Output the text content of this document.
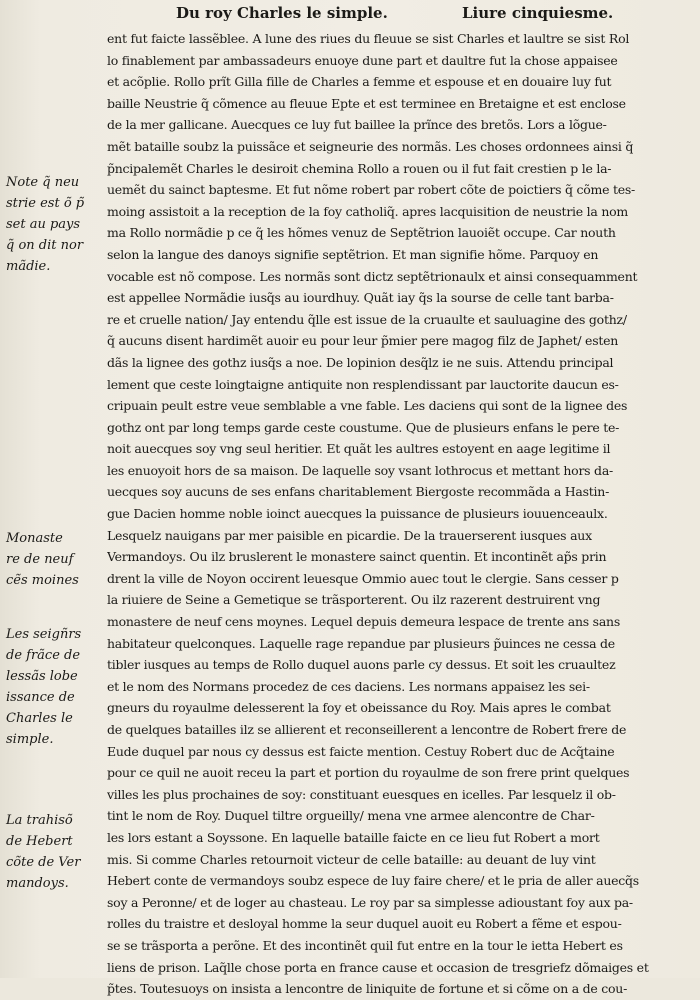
Du roy Charles le simple.	Liure cinquiesme.
Note q̃ neu
strie est õ p̃
set au pays
q̃ on dit nor
mãdie.
Monaste
re de neuf
cẽs moines
Les seigñrs
de frãce de
lessãs lobe
issance de
Charles le
simple.
La trahisõ
de Hebert
cõte de Ver
mandoys.
ent fut faicte lassẽblee. A lune des riues du fleuue se sist Charles et laultre se sist Rol
lo finablement par ambassadeurs enuoye dune part et daultre fut la chose appaisee
et acõplie. Rollo prĩt Gilla fille de Charles a femme et espouse et en douaire luy fut
baille Neustrie q̃ cõmence au fleuue Epte et est terminee en Bretaigne et est enclose
de la mer gallicane. Auecques ce luy fut baillee la prĩnce des bretõs. Lors a lõgue-
mẽt bataille soubz la puissãce et seigneurie des normãs. Les choses ordonnees ainsi q̃
p̃ncipalemẽt Charles le desiroit chemina Rollo a rouen ou il fut fait crestien p le la-
uemẽt du sainct baptesme. Et fut nõme robert par robert cõte de poictiers q̃ cõme tes-
moing assistoit a la reception de la foy catholiq̃. apres lacquisition de neustrie la nom
ma Rollo normãdie p ce q̃ les hõmes venuz de Septẽtrion lauoiẽt occupe. Car nouth
selon la langue des danoys signifie septẽtrion. Et man signifie hõme. Parquoy en
vocable est nõ compose. Les normãs sont dictz septẽtrionaulx et ainsi consequamment
est appellee Normãdie iusq̃s au iourdhuy. Quãt iay q̃s la sourse de celle tant barba-
re et cruelle nation/ Jay entendu q̃lle est issue de la cruaulte et sauluagine des gothz/
q̃ aucuns disent hardimẽt auoir eu pour leur p̃mier pere magog filz de Japhet/ esten
dãs la lignee des gothz iusq̃s a noe. De lopinion desq̃lz ie ne suis. Attendu principal
lement que ceste loingtaigne antiquite non resplendissant par lauctorite daucun es-
cripuain peult estre veue semblable a vne fable. Les daciens qui sont de la lignee des
gothz ont par long temps garde ceste coustume. Que de plusieurs enfans le pere te-
noit auecques soy vng seul heritier. Et quãt les aultres estoyent en aage legitime il
les enuoyoit hors de sa maison. De laquelle soy vsant lothrocus et mettant hors da-
uecques soy aucuns de ses enfans charitablement Biergoste recommãda a Hastin-
gue Dacien homme noble ioinct auecques la puissance de plusieurs iouuenceaulx.
Lesquelz nauigans par mer paisible en picardie. De la trauerserent iusques aux
Vermandoys. Ou ilz bruslerent le monastere sainct quentin. Et incontinẽt ap̃s prin
drent la ville de Noyon occirent leuesque Ommio auec tout le clergie. Sans cesser p
la riuiere de Seine a Gemetique se trãsporterent. Ou ilz razerent destruirent vng
monastere de neuf cens moynes. Lequel depuis demeura lespace de trente ans sans
habitateur quelconques. Laquelle rage repandue par plusieurs p̃uinces ne cessa de
tibler iusques au temps de Rollo duquel auons parle cy dessus. Et soit les cruaultez
et le nom des Normans procedez de ces daciens. Les normans appaisez les sei-
gneurs du royaulme delesserent la foy et obeissance du Roy. Mais apres le combat
de quelques batailles ilz se allierent et reconseillerent a lencontre de Robert frere de
Eude duquel par nous cy dessus est faicte mention. Cestuy Robert duc de Acq̃taine
pour ce quil ne auoit receu la part et portion du royaulme de son frere print quelques
villes les plus prochaines de soy: constituant euesques en icelles. Par lesquelz il ob-
tint le nom de Roy. Duquel tiltre orgueilly/ mena vne armee alencontre de Char-
les lors estant a Soyssone. En laquelle bataille faicte en ce lieu fut Robert a mort
mis. Si comme Charles retournoit victeur de celle bataille: au deuant de luy vint
Hebert conte de vermandoys soubz espece de luy faire chere/ et le pria de aller auecq̃s
soy a Peronne/ et de loger au chasteau. Le roy par sa simplesse adioustant foy aux pa-
rolles du traistre et desloyal homme la seur duquel auoit eu Robert a fẽme et espou-
se se trãsporta a perõne. Et des incontinẽt quil fut entre en la tour le ietta Hebert es
liens de prison. Laq̃lle chose porta en france cause et occasion de tresgriefz dõmaiges et
p̃tes. Toutesuoys on insista a lencontre de liniquite de fortune et si cõme on a de cou-
